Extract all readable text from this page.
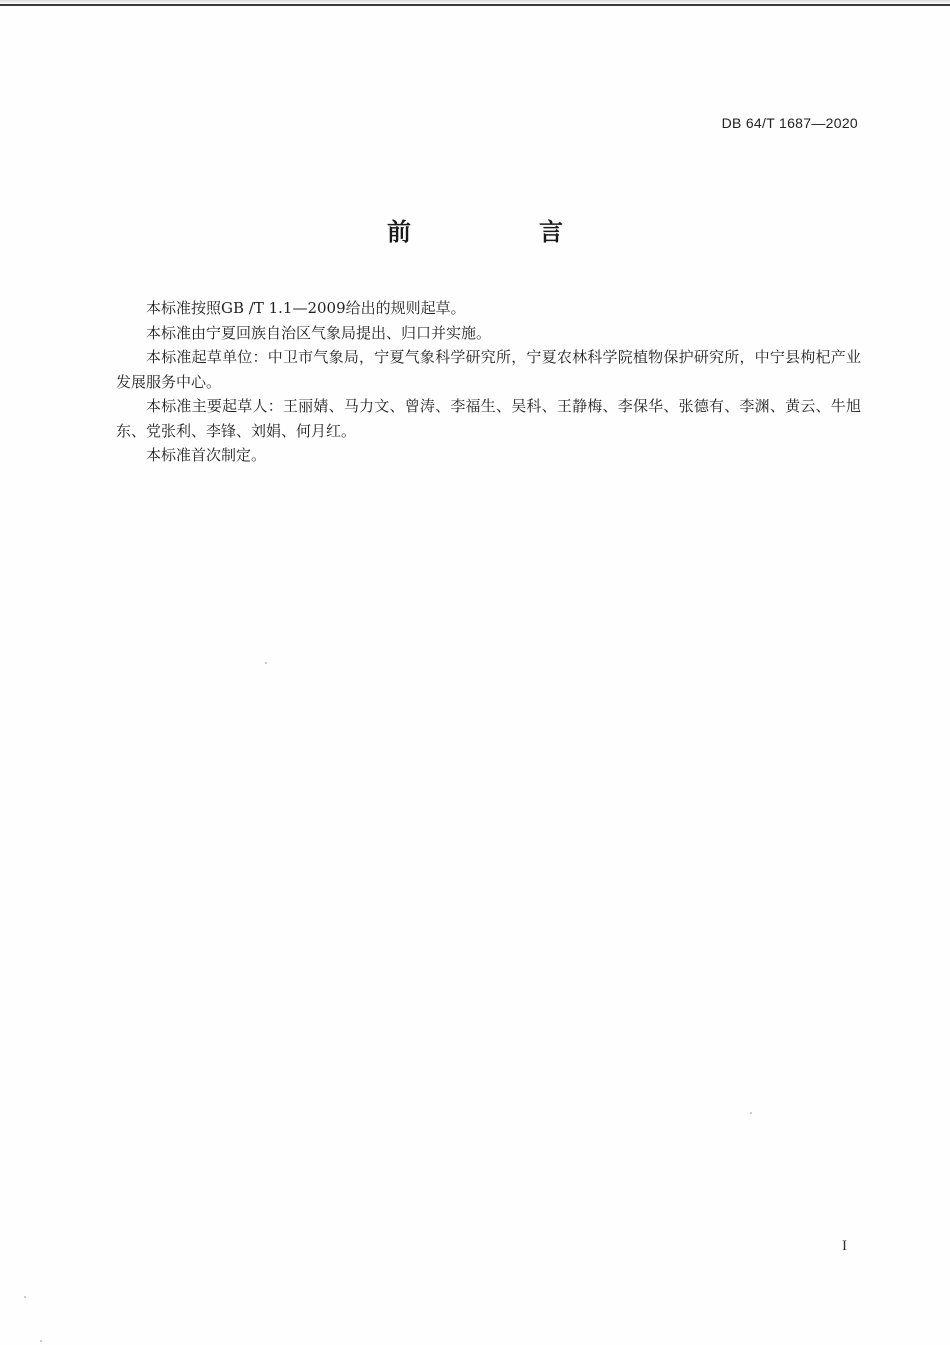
DB 64/T 1687—2020
前　言

本标准按照GB /T 1.1—2009给出的规则起草。

本标准由宁夏回族自治区气象局提出、归口并实施。

本标准起草单位：中卫市气象局，宁夏气象科学研究所，宁夏农林科学院植物保护研究所，中宁县枸杞产业发展服务中心。

本标准主要起草人：王丽婧、马力文、曾涛、李福生、吴科、王静梅、李保华、张德有、李渊、黄云、牛旭东、党张利、李锋、刘娟、何月红。

本标准首次制定。

I
